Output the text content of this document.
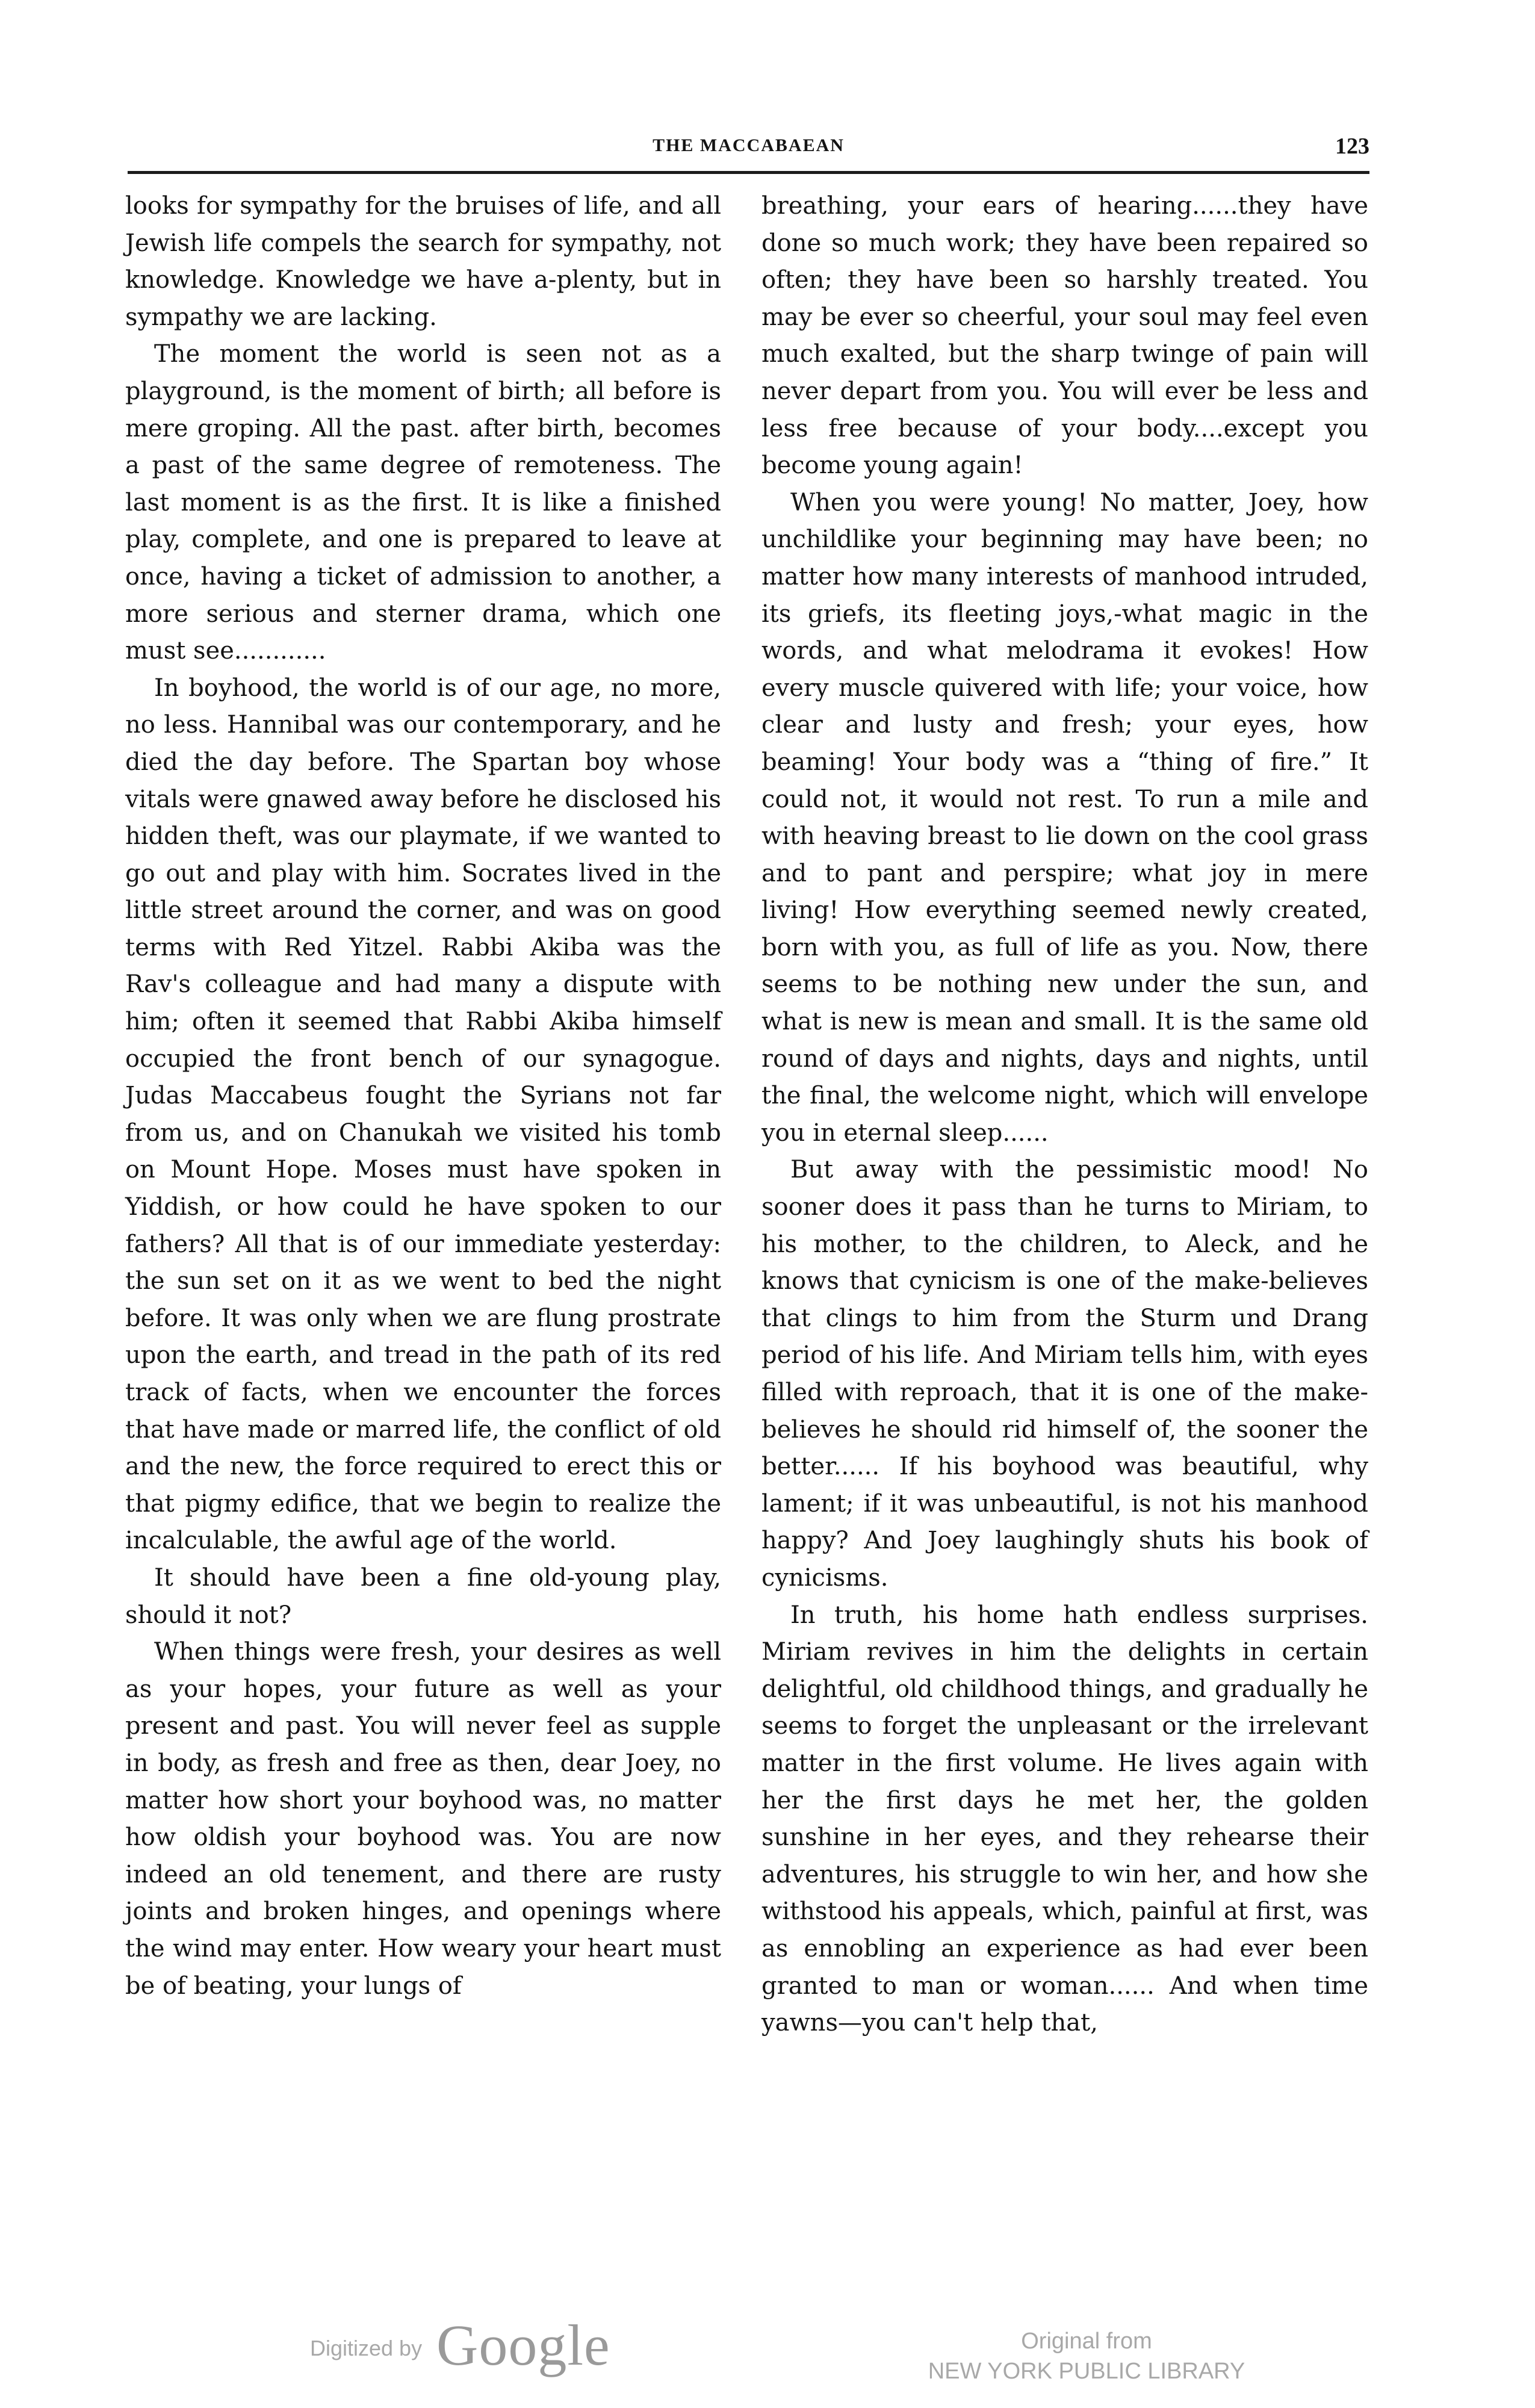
THE MACCABAEAN	123

looks for sympathy for the bruises of life, and all Jewish life compels the search for sympathy, not knowledge. Knowledge we have a-plenty, but in sympathy we are lacking.

The moment the world is seen not as a playground, is the moment of birth; all before is mere groping. All the past. after birth, becomes a past of the same degree of remoteness. The last moment is as the first. It is like a finished play, complete, and one is prepared to leave at once, having a ticket of admission to another, a more serious and sterner drama, which one must see............

In boyhood, the world is of our age, no more, no less. Hannibal was our contemporary, and he died the day before. The Spartan boy whose vitals were gnawed away before he disclosed his hidden theft, was our playmate, if we wanted to go out and play with him. Socrates lived in the little street around the corner, and was on good terms with Red Yitzel. Rabbi Akiba was the Rav's colleague and had many a dispute with him; often it seemed that Rabbi Akiba himself occupied the front bench of our synagogue. Judas Maccabeus fought the Syrians not far from us, and on Chanukah we visited his tomb on Mount Hope. Moses must have spoken in Yiddish, or how could he have spoken to our fathers? All that is of our immediate yesterday: the sun set on it as we went to bed the night before. It was only when we are flung prostrate upon the earth, and tread in the path of its red track of facts, when we encounter the forces that have made or marred life, the conflict of old and the new, the force required to erect this or that pigmy edifice, that we begin to realize the incalculable, the awful age of the world.

It should have been a fine old-young play, should it not?

When things were fresh, your desires as well as your hopes, your future as well as your present and past. You will never feel as supple in body, as fresh and free as then, dear Joey, no matter how short your boyhood was, no matter how oldish your boyhood was. You are now indeed an old tenement, and there are rusty joints and broken hinges, and openings where the wind may enter. How weary your heart must be of beating, your lungs of

breathing, your ears of hearing......they have done so much work; they have been repaired so often; they have been so harshly treated. You may be ever so cheerful, your soul may feel even much exalted, but the sharp twinge of pain will never depart from you. You will ever be less and less free because of your body....except you become young again!

When you were young! No matter, Joey, how unchildlike your beginning may have been; no matter how many interests of manhood intruded, its griefs, its fleeting joys,-what magic in the words, and what melodrama it evokes! How every muscle quivered with life; your voice, how clear and lusty and fresh; your eyes, how beaming! Your body was a “thing of fire.” It could not, it would not rest. To run a mile and with heaving breast to lie down on the cool grass and to pant and perspire; what joy in mere living! How everything seemed newly created, born with you, as full of life as you. Now, there seems to be nothing new under the sun, and what is new is mean and small. It is the same old round of days and nights, days and nights, until the final, the welcome night, which will envelope you in eternal sleep......

But away with the pessimistic mood! No sooner does it pass than he turns to Miriam, to his mother, to the children, to Aleck, and he knows that cynicism is one of the make-believes that clings to him from the Sturm und Drang period of his life. And Miriam tells him, with eyes filled with reproach, that it is one of the make- believes he should rid himself of, the sooner the better...... If his boyhood was beautiful, why lament; if it was unbeautiful, is not his manhood happy? And Joey laughingly shuts his book of cynicisms.

In truth, his home hath endless surprises. Miriam revives in him the delights in certain delightful, old childhood things, and gradually he seems to forget the unpleasant or the irrelevant matter in the first volume. He lives again with her the first days he met her, the golden sunshine in her eyes, and they rehearse their adventures, his struggle to win her, and how she withstood his appeals, which, painful at first, was as ennobling an experience as had ever been granted to man or woman...... And when time yawns—you can't help that,

Digitized by Google	Original from
NEW YORK PUBLIC LIBRARY
